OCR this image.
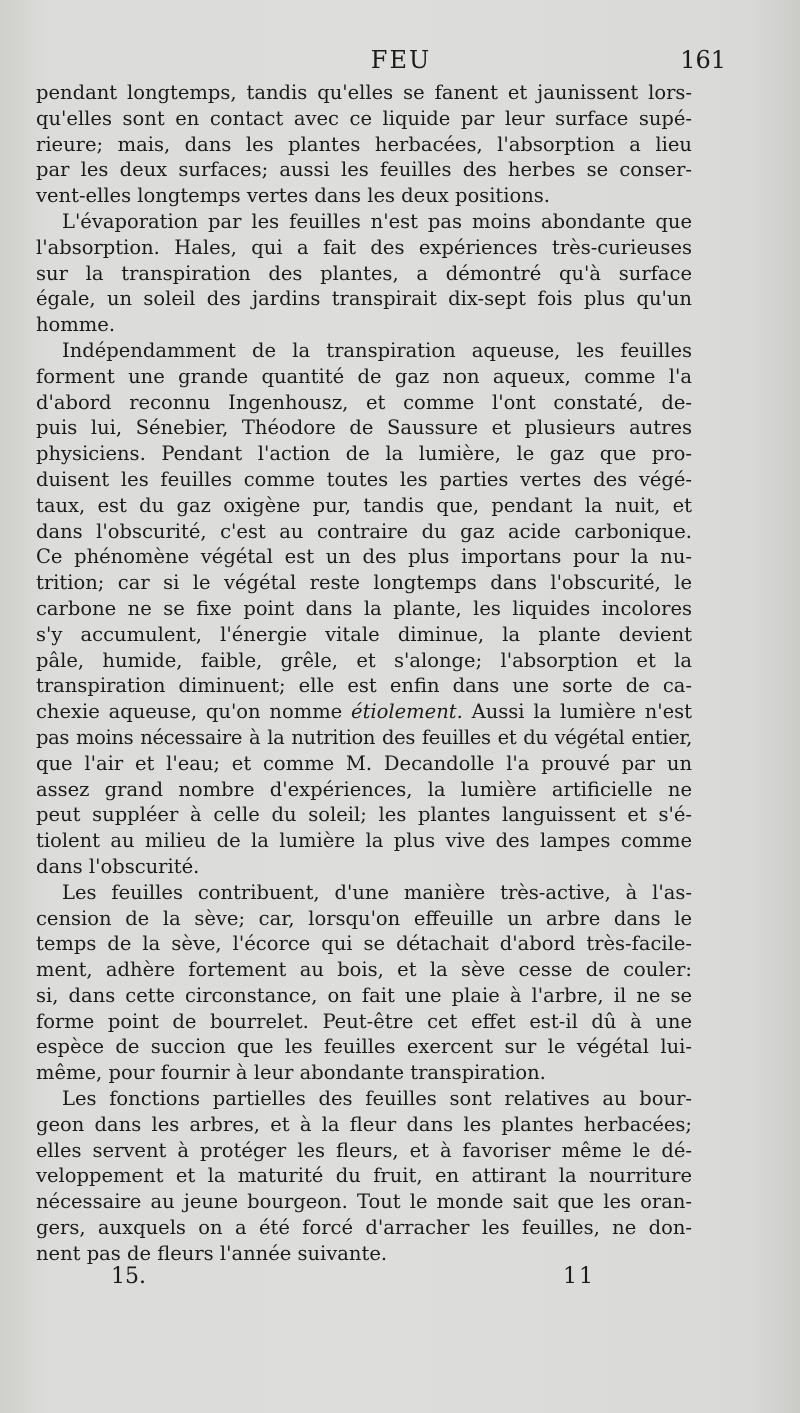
FEU	161
pendant longtemps, tandis qu'elles se fanent et jaunissent lors-
qu'elles sont en contact avec ce liquide par leur surface supé-
rieure; mais, dans les plantes herbacées, l'absorption a lieu
par les deux surfaces; aussi les feuilles des herbes se conser-
vent-elles longtemps vertes dans les deux positions.
L'évaporation par les feuilles n'est pas moins abondante que
l'absorption. Hales, qui a fait des expériences très-curieuses
sur la transpiration des plantes, a démontré qu'à surface
égale, un soleil des jardins transpirait dix-sept fois plus qu'un
homme.
Indépendamment de la transpiration aqueuse, les feuilles
forment une grande quantité de gaz non aqueux, comme l'a
d'abord reconnu Ingenhousz, et comme l'ont constaté, de-
puis lui, Sénebier, Théodore de Saussure et plusieurs autres
physiciens. Pendant l'action de la lumière, le gaz que pro-
duisent les feuilles comme toutes les parties vertes des végé-
taux, est du gaz oxigène pur, tandis que, pendant la nuit, et
dans l'obscurité, c'est au contraire du gaz acide carbonique.
Ce phénomène végétal est un des plus importans pour la nu-
trition; car si le végétal reste longtemps dans l'obscurité, le
carbone ne se fixe point dans la plante, les liquides incolores
s'y accumulent, l'énergie vitale diminue, la plante devient
pâle, humide, faible, grêle, et s'alonge; l'absorption et la
transpiration diminuent; elle est enfin dans une sorte de ca-
chexie aqueuse, qu'on nomme étiolement. Aussi la lumière n'est
pas moins nécessaire à la nutrition des feuilles et du végétal entier,
que l'air et l'eau; et comme M. Decandolle l'a prouvé par un
assez grand nombre d'expériences, la lumière artificielle ne
peut suppléer à celle du soleil; les plantes languissent et s'é-
tiolent au milieu de la lumière la plus vive des lampes comme
dans l'obscurité.
Les feuilles contribuent, d'une manière très-active, à l'as-
cension de la sève; car, lorsqu'on effeuille un arbre dans le
temps de la sève, l'écorce qui se détachait d'abord très-facile-
ment, adhère fortement au bois, et la sève cesse de couler:
si, dans cette circonstance, on fait une plaie à l'arbre, il ne se
forme point de bourrelet. Peut-être cet effet est-il dû à une
espèce de succion que les feuilles exercent sur le végétal lui-
même, pour fournir à leur abondante transpiration.
Les fonctions partielles des feuilles sont relatives au bour-
geon dans les arbres, et à la fleur dans les plantes herbacées;
elles servent à protéger les fleurs, et à favoriser même le dé-
veloppement et la maturité du fruit, en attirant la nourriture
nécessaire au jeune bourgeon. Tout le monde sait que les oran-
gers, auxquels on a été forcé d'arracher les feuilles, ne don-
nent pas de fleurs l'année suivante.
15.	11
